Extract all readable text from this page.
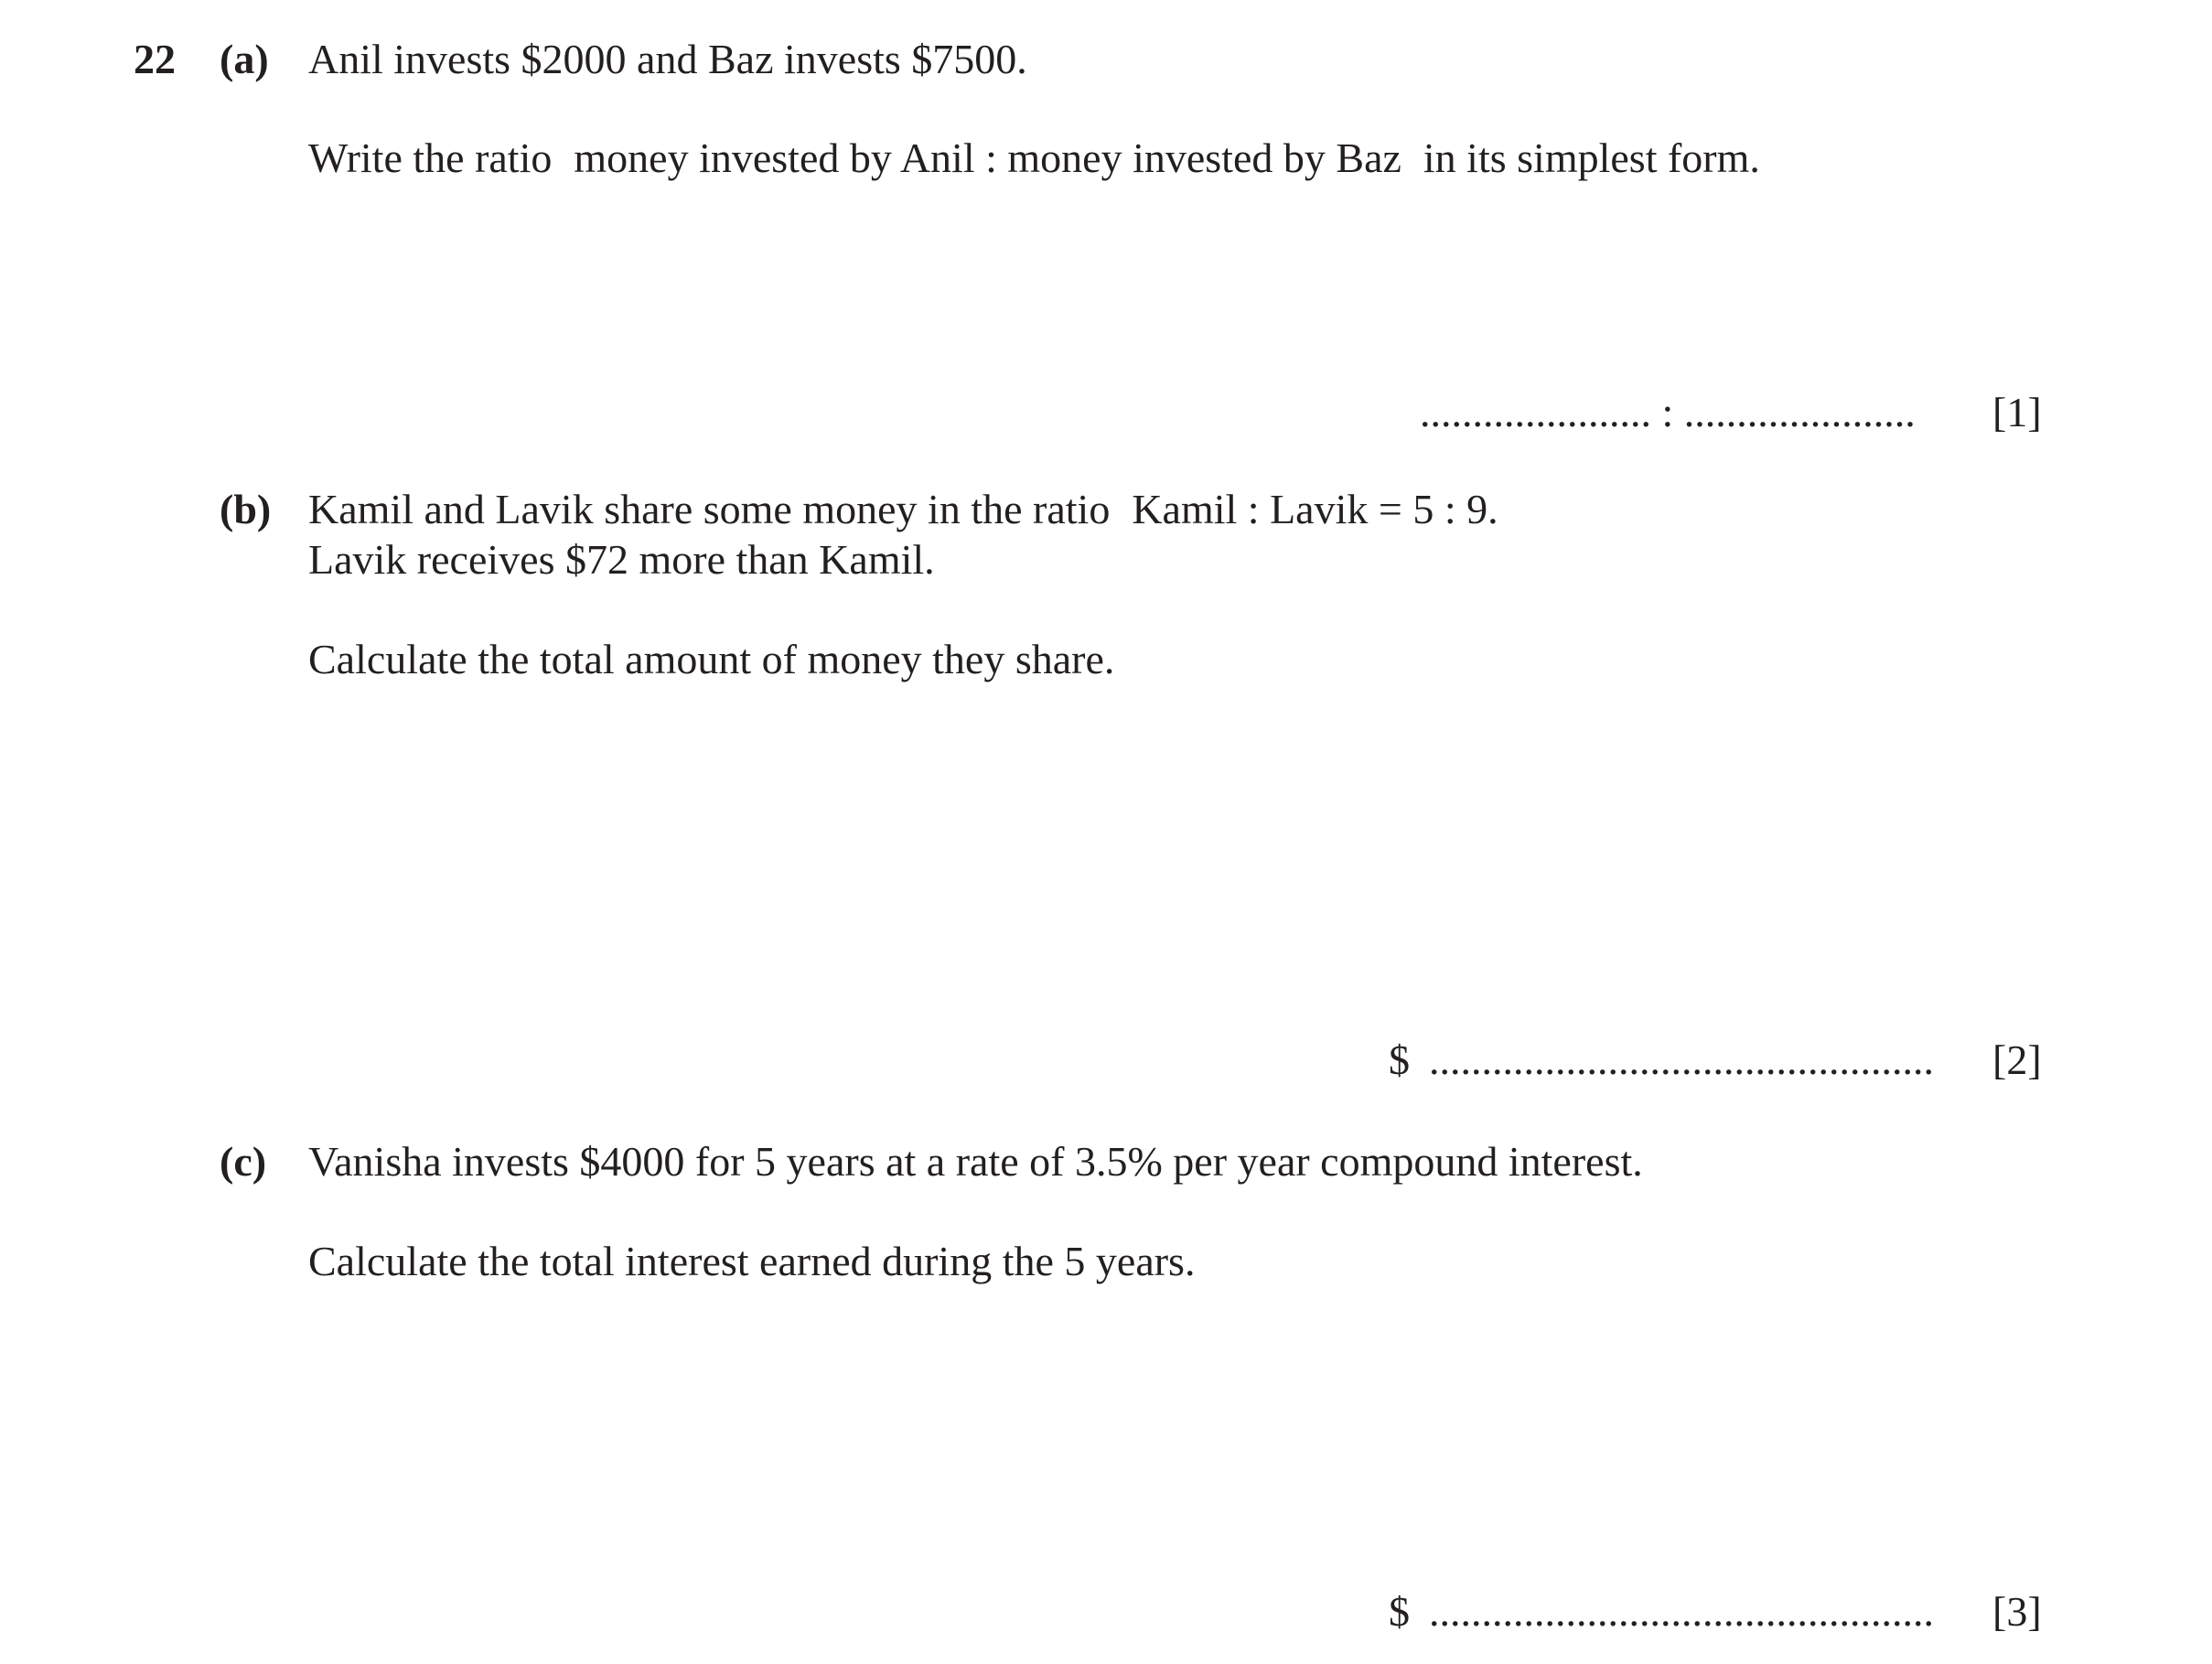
22 (a) Anil invests $2000 and Baz invests $7500.
Write the ratio money invested by Anil : money invested by Baz in its simplest form.
...................... : ...................... [1]
(b) Kamil and Lavik share some money in the ratio Kamil : Lavik = 5 : 9.
Lavik receives $72 more than Kamil.
Calculate the total amount of money they share.
$ ................................................ [2]
(c) Vanisha invests $4000 for 5 years at a rate of 3.5% per year compound interest.
Calculate the total interest earned during the 5 years.
$ ................................................ [3]
